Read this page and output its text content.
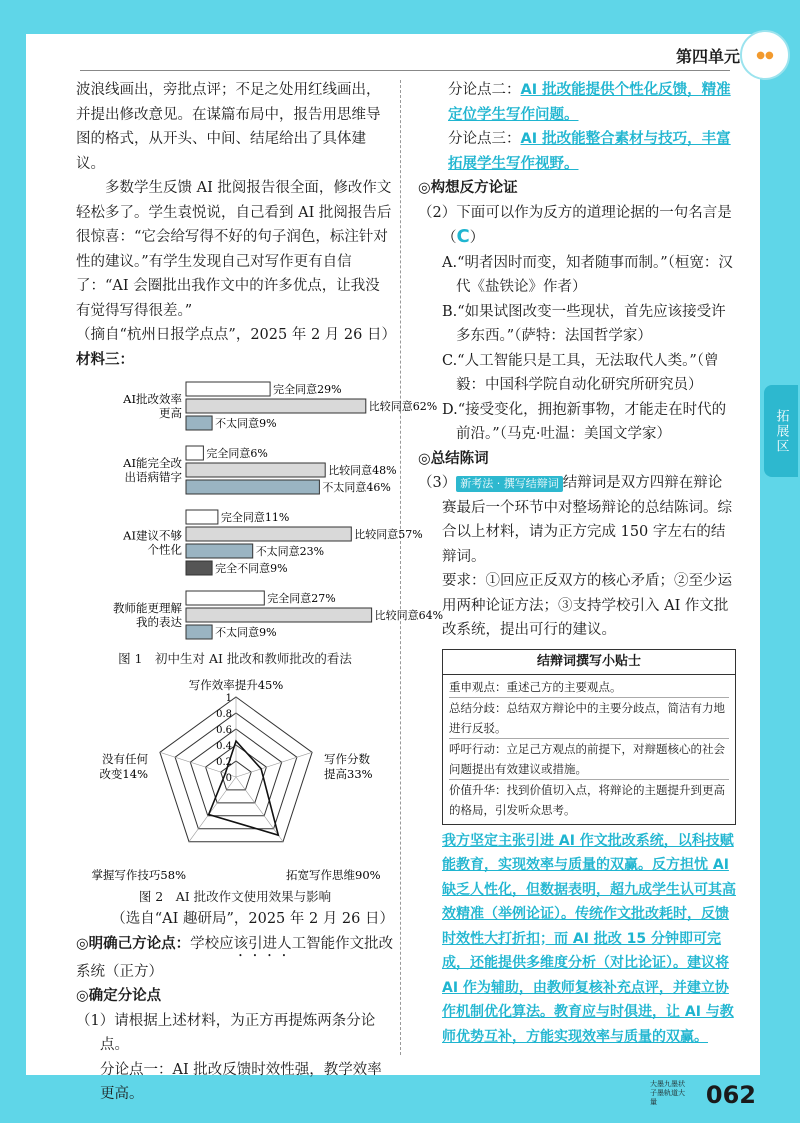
第四单元	●●
拓展区
大墨九墨状 子墨轨道大量	062

波浪线画出，旁批点评；不足之处用红线画出，并提出修改意见。在谋篇布局中，报告用思维导图的格式，从开头、中间、结尾给出了具体建议。

多数学生反馈 AI 批阅报告很全面，修改作文轻松多了。学生袁悦说，自己看到 AI 批阅报告后很惊喜：“它会给写得不好的句子润色，标注针对性的建议。”有学生发现自己对写作更有自信了：“AI 会圈批出我作文中的许多优点，让我没有觉得写得很差。”

（摘自“杭州日报学点点”，2025 年 2 月 26 日）

材料三：

AI批改效率
更高
完全同意29%
比较同意62%
不太同意9%
AI能完全改
出语病错字
完全同意6%
比较同意48%
不太同意46%
AI建议不够
个性化
完全同意11%
比较同意57%
不太同意23%
完全不同意9%
教师能更理解
我的表达
完全同意27%
比较同意64%
不太同意9%

图 1　初中生对 AI 批改和教师批改的看法

0
0.2
0.4
0.6
0.8
1
写作效率提升45%
写作分数
提高33%
拓宽写作思维90%
掌握写作技巧58%
没有任何
改变14%

图 2　AI 批改作文使用效果与影响

（选自“AI 趣研局”，2025 年 2 月 26 日）

◎明确己方论点：学校应该引进人工智能作文批改系统（正方）

◎确定分论点

（1）请根据上述材料，为正方再提炼两条分论点。

分论点一：AI 批改反馈时效性强，教学效率更高。

分论点二：AI 批改能提供个性化反馈，精准定位学生写作问题。

分论点三：AI 批改能整合素材与技巧，丰富拓展学生写作视野。

◎构想反方论证

（2）下面可以作为反方的道理论据的一句名言是　　（C）

A.“明者因时而变，知者随事而制。”（桓宽：汉代《盐铁论》作者）

B.“如果试图改变一些现状，首先应该接受许多东西。”（萨特：法国哲学家）

C.“人工智能只是工具，无法取代人类。”（曾毅：中国科学院自动化研究所研究员）

D.“接受变化，拥抱新事物，才能走在时代的前沿。”（马克·吐温：美国文学家）

◎总结陈词

（3） 新考法 · 撰写结辩词 结辩词是双方四辩在辩论赛最后一个环节中对整场辩论的总结陈词。综合以上材料，请为正方完成 150 字左右的结辩词。

要求：①回应正反双方的核心矛盾；②至少运用两种论证方法；③支持学校引入 AI 作文批改系统，提出可行的建议。

结辩词撰写小贴士
重申观点：重述己方的主要观点。
总结分歧：总结双方辩论中的主要分歧点，简洁有力地进行反驳。
呼吁行动：立足己方观点的前提下，对辩题核心的社会问题提出有效建议或措施。
价值升华：找到价值切入点，将辩论的主题提升到更高的格局，引发听众思考。

我方坚定主张引进 AI 作文批改系统，以科技赋能教育，实现效率与质量的双赢。反方担忧 AI 缺乏人性化，但数据表明，超九成学生认可其高效精准（举例论证）。传统作文批改耗时，反馈时效性大打折扣；而 AI 批改 15 分钟即可完成，还能提供多维度分析（对比论证）。建议将 AI 作为辅助，由教师复核补充点评，并建立协作机制优化算法。教育应与时俱进，让 AI 与教师优势互补，方能实现效率与质量的双赢。
